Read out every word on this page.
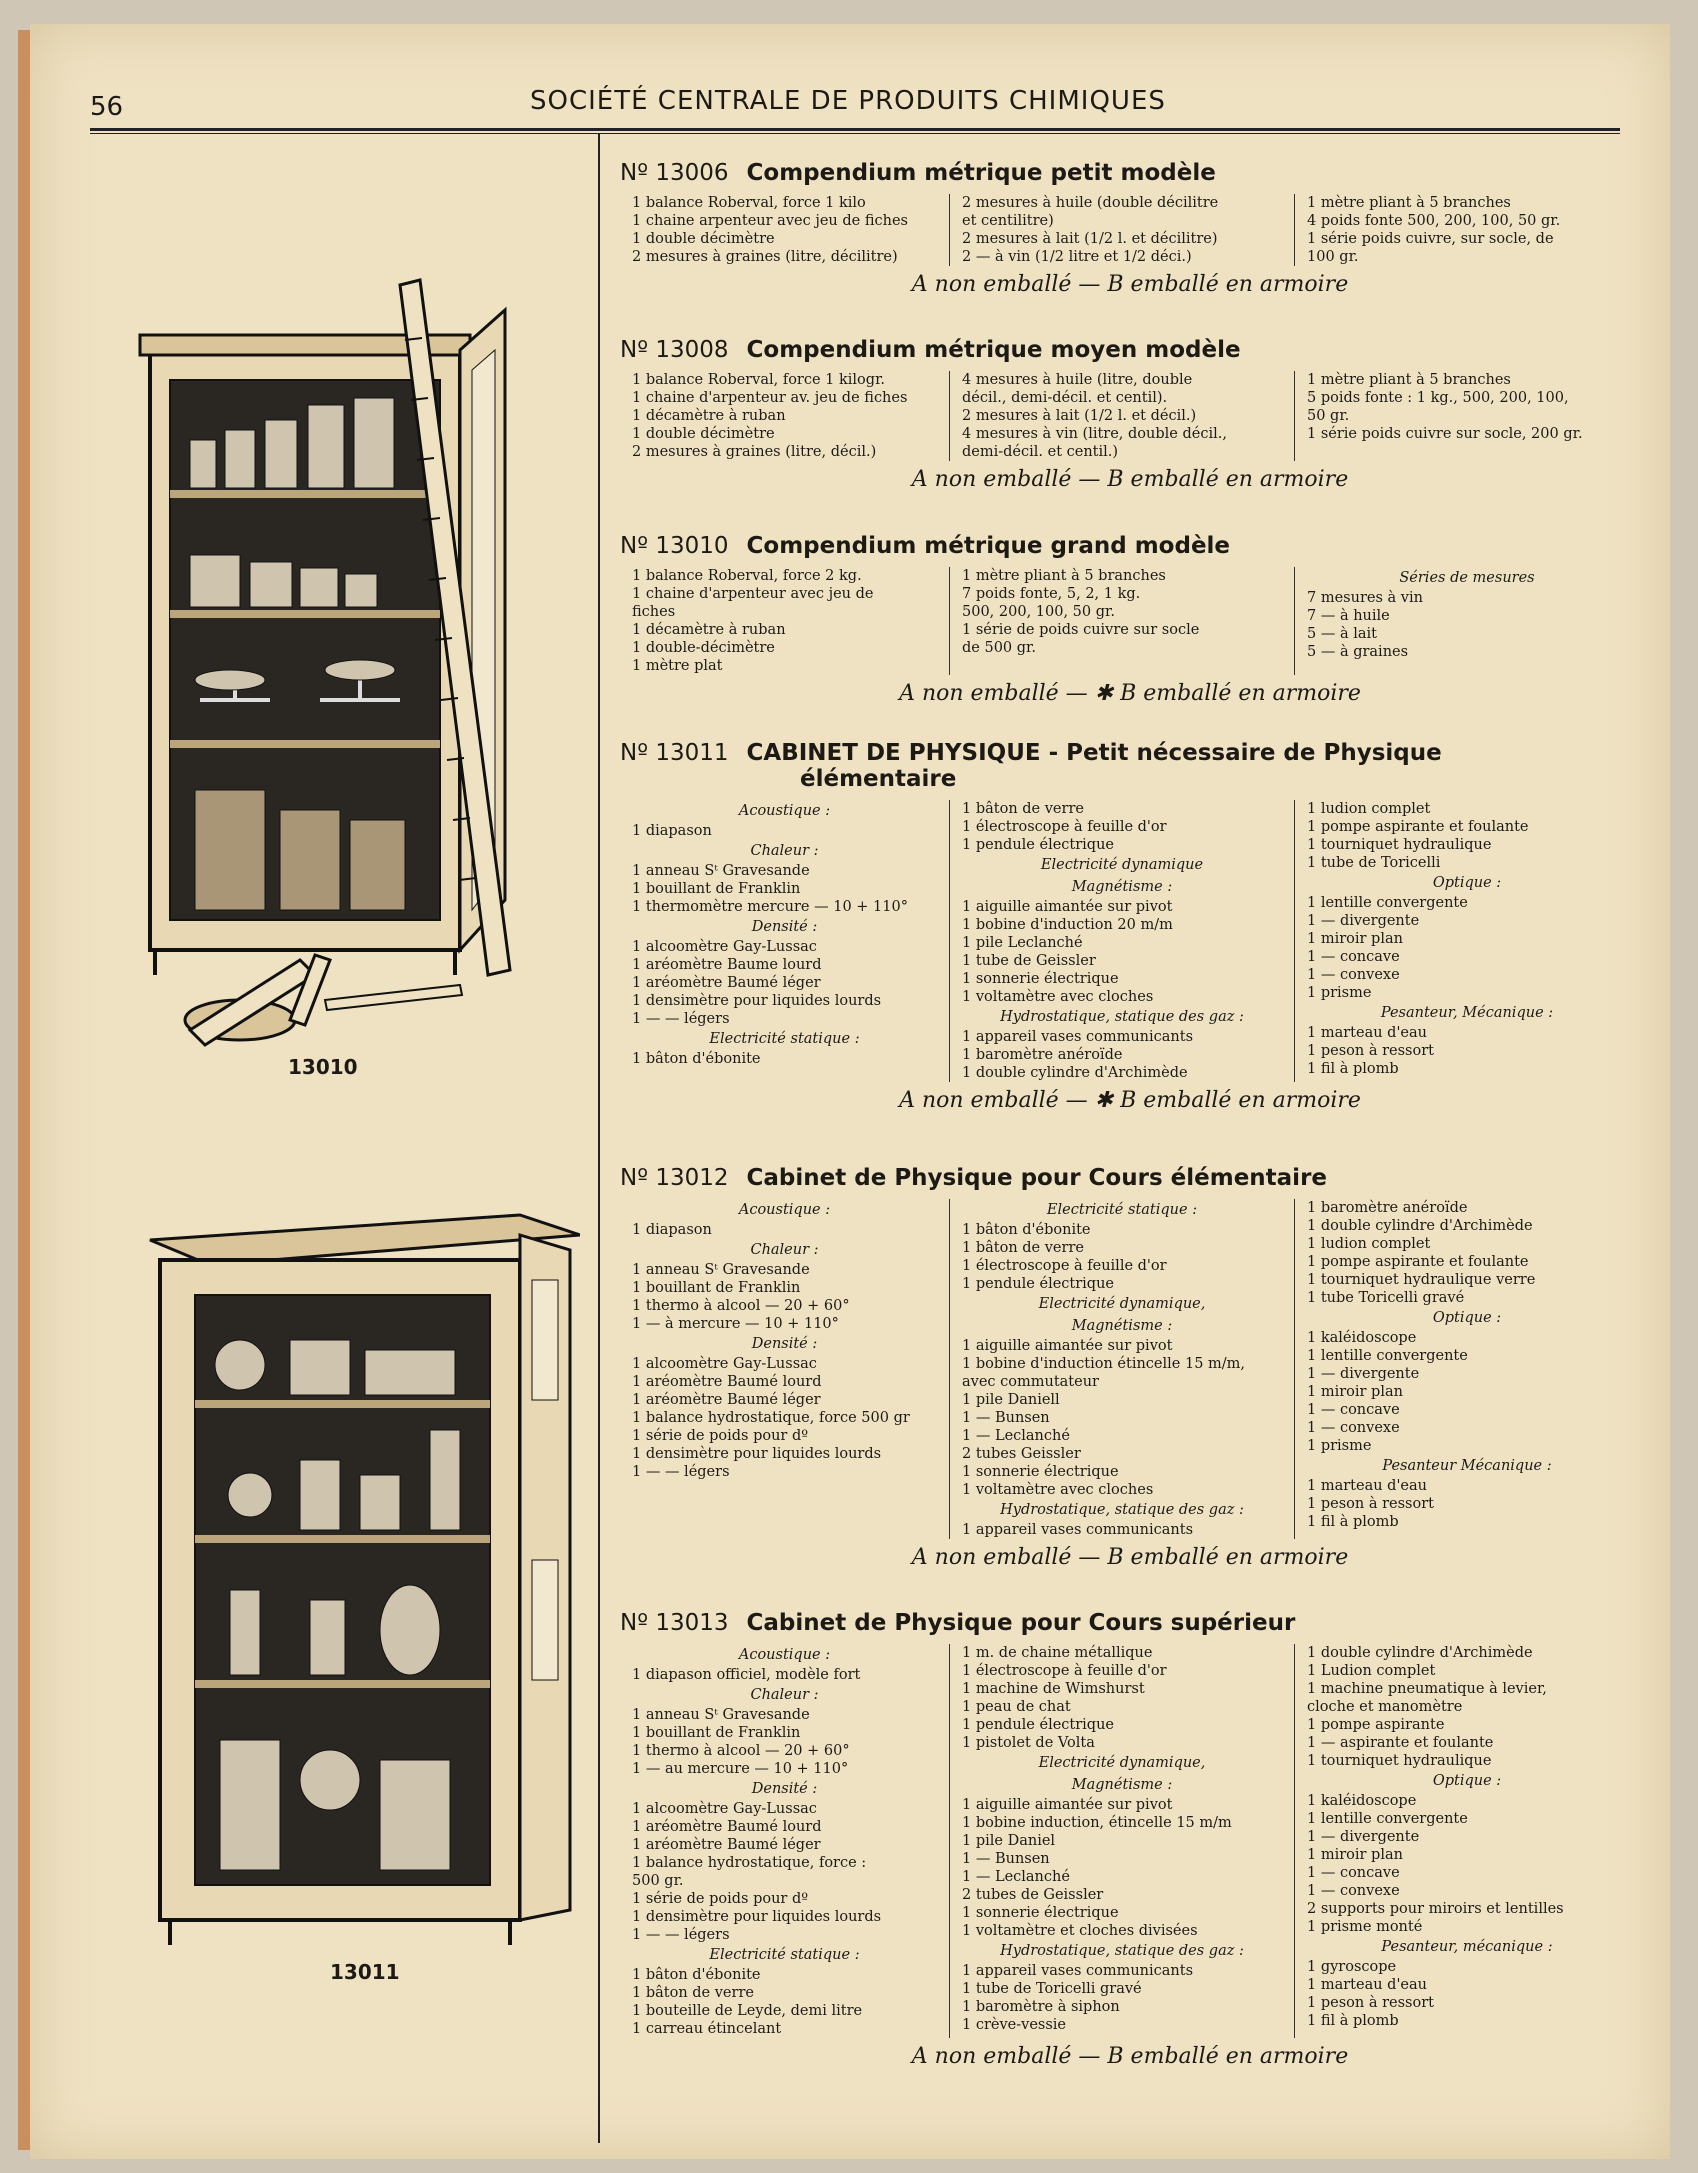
56	SOCIÉTÉ CENTRALE DE PRODUITS CHIMIQUES
13010
13011
Nº 13006 Compendium métrique petit modèle
1 balance Roberval, force 1 kilo
1 chaine arpenteur avec jeu de fiches
1 double décimètre
2 mesures à graines (litre, décilitre)
2 mesures à huile (double décilitre
et centilitre)
2 mesures à lait (1/2 l. et décilitre)
2 — à vin (1/2 litre et 1/2 déci.)
1 mètre pliant à 5 branches
4 poids fonte 500, 200, 100, 50 gr.
1 série poids cuivre, sur socle, de
100 gr.
A non emballé — B emballé en armoire
Nº 13008 Compendium métrique moyen modèle
1 balance Roberval, force 1 kilogr.
1 chaine d'arpenteur av. jeu de fiches
1 décamètre à ruban
1 double décimètre
2 mesures à graines (litre, décil.)
4 mesures à huile (litre, double
décil., demi-décil. et centil).
2 mesures à lait (1/2 l. et décil.)
4 mesures à vin (litre, double décil.,
demi-décil. et centil.)
1 mètre pliant à 5 branches
5 poids fonte : 1 kg., 500, 200, 100,
50 gr.
1 série poids cuivre sur socle, 200 gr.
A non emballé — B emballé en armoire
Nº 13010 Compendium métrique grand modèle
1 balance Roberval, force 2 kg.
1 chaine d'arpenteur avec jeu de
fiches
1 décamètre à ruban
1 double-décimètre
1 mètre plat
1 mètre pliant à 5 branches
7 poids fonte, 5, 2, 1 kg.
500, 200, 100, 50 gr.
1 série de poids cuivre sur socle
de 500 gr.
Séries de mesures
7 mesures à vin
7 — à huile
5 — à lait
5 — à graines
A non emballé — ✱ B emballé en armoire
Nº 13011 CABINET DE PHYSIQUE - Petit nécessaire de Physique
élémentaire
Acoustique :
1 diapason
Chaleur :
1 anneau Sᵗ Gravesande
1 bouillant de Franklin
1 thermomètre mercure — 10 + 110°
Densité :
1 alcoomètre Gay-Lussac
1 aréomètre Baume lourd
1 aréomètre Baumé léger
1 densimètre pour liquides lourds
1 — — légers
Electricité statique :
1 bâton d'ébonite
1 bâton de verre
1 électroscope à feuille d'or
1 pendule électrique
Electricité dynamique
Magnétisme :
1 aiguille aimantée sur pivot
1 bobine d'induction 20 m/m
1 pile Leclanché
1 tube de Geissler
1 sonnerie électrique
1 voltamètre avec cloches
Hydrostatique, statique des gaz :
1 appareil vases communicants
1 baromètre anéroïde
1 double cylindre d'Archimède
1 ludion complet
1 pompe aspirante et foulante
1 tourniquet hydraulique
1 tube de Toricelli
Optique :
1 lentille convergente
1 — divergente
1 miroir plan
1 — concave
1 — convexe
1 prisme
Pesanteur, Mécanique :
1 marteau d'eau
1 peson à ressort
1 fil à plomb
A non emballé — ✱ B emballé en armoire
Nº 13012 Cabinet de Physique pour Cours élémentaire
Acoustique :
1 diapason
Chaleur :
1 anneau Sᵗ Gravesande
1 bouillant de Franklin
1 thermo à alcool — 20 + 60°
1 — à mercure — 10 + 110°
Densité :
1 alcoomètre Gay-Lussac
1 aréomètre Baumé lourd
1 aréomètre Baumé léger
1 balance hydrostatique, force 500 gr
1 série de poids pour dº
1 densimètre pour liquides lourds
1 — — légers
Electricité statique :
1 bâton d'ébonite
1 bâton de verre
1 électroscope à feuille d'or
1 pendule électrique
Electricité dynamique,
Magnétisme :
1 aiguille aimantée sur pivot
1 bobine d'induction étincelle 15 m/m,
avec commutateur
1 pile Daniell
1 — Bunsen
1 — Leclanché
2 tubes Geissler
1 sonnerie électrique
1 voltamètre avec cloches
Hydrostatique, statique des gaz :
1 appareil vases communicants
1 baromètre anéroïde
1 double cylindre d'Archimède
1 ludion complet
1 pompe aspirante et foulante
1 tourniquet hydraulique verre
1 tube Toricelli gravé
Optique :
1 kaléidoscope
1 lentille convergente
1 — divergente
1 miroir plan
1 — concave
1 — convexe
1 prisme
Pesanteur Mécanique :
1 marteau d'eau
1 peson à ressort
1 fil à plomb
A non emballé — B emballé en armoire
Nº 13013 Cabinet de Physique pour Cours supérieur
Acoustique :
1 diapason officiel, modèle fort
Chaleur :
1 anneau Sᵗ Gravesande
1 bouillant de Franklin
1 thermo à alcool — 20 + 60°
1 — au mercure — 10 + 110°
Densité :
1 alcoomètre Gay-Lussac
1 aréomètre Baumé lourd
1 aréomètre Baumé léger
1 balance hydrostatique, force :
500 gr.
1 série de poids pour dº
1 densimètre pour liquides lourds
1 — — légers
Electricité statique :
1 bâton d'ébonite
1 bâton de verre
1 bouteille de Leyde, demi litre
1 carreau étincelant
1 m. de chaine métallique
1 électroscope à feuille d'or
1 machine de Wimshurst
1 peau de chat
1 pendule électrique
1 pistolet de Volta
Electricité dynamique,
Magnétisme :
1 aiguille aimantée sur pivot
1 bobine induction, étincelle 15 m/m
1 pile Daniel
1 — Bunsen
1 — Leclanché
2 tubes de Geissler
1 sonnerie électrique
1 voltamètre et cloches divisées
Hydrostatique, statique des gaz :
1 appareil vases communicants
1 tube de Toricelli gravé
1 baromètre à siphon
1 crève-vessie
1 double cylindre d'Archimède
1 Ludion complet
1 machine pneumatique à levier,
cloche et manomètre
1 pompe aspirante
1 — aspirante et foulante
1 tourniquet hydraulique
Optique :
1 kaléidoscope
1 lentille convergente
1 — divergente
1 miroir plan
1 — concave
1 — convexe
2 supports pour miroirs et lentilles
1 prisme monté
Pesanteur, mécanique :
1 gyroscope
1 marteau d'eau
1 peson à ressort
1 fil à plomb
A non emballé — B emballé en armoire
